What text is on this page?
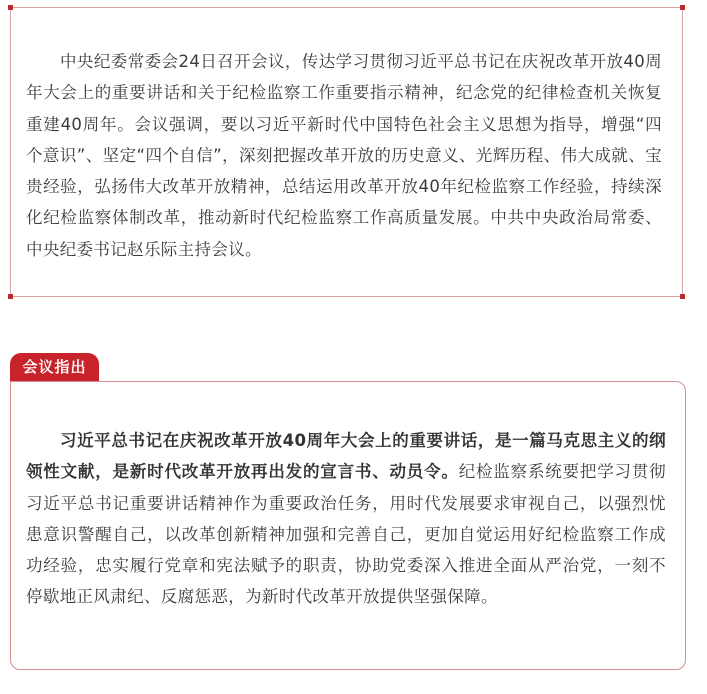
中央纪委常委会24日召开会议，传达学习贯彻习近平总书记在庆祝改革开放40周年大会上的重要讲话和关于纪检监察工作重要指示精神，纪念党的纪律检查机关恢复重建40周年。会议强调，要以习近平新时代中国特色社会主义思想为指导，增强“四个意识”、坚定“四个自信”，深刻把握改革开放的历史意义、光辉历程、伟大成就、宝贵经验，弘扬伟大改革开放精神，总结运用改革开放40年纪检监察工作经验，持续深化纪检监察体制改革，推动新时代纪检监察工作高质量发展。中共中央政治局常委、中央纪委书记赵乐际主持会议。

会议指出

习近平总书记在庆祝改革开放40周年大会上的重要讲话，是一篇马克思主义的纲领性文献，是新时代改革开放再出发的宣言书、动员令。纪检监察系统要把学习贯彻习近平总书记重要讲话精神作为重要政治任务，用时代发展要求审视自己，以强烈忧患意识警醒自己，以改革创新精神加强和完善自己，更加自觉运用好纪检监察工作成功经验，忠实履行党章和宪法赋予的职责，协助党委深入推进全面从严治党，一刻不停歇地正风肃纪、反腐惩恶，为新时代改革开放提供坚强保障。
